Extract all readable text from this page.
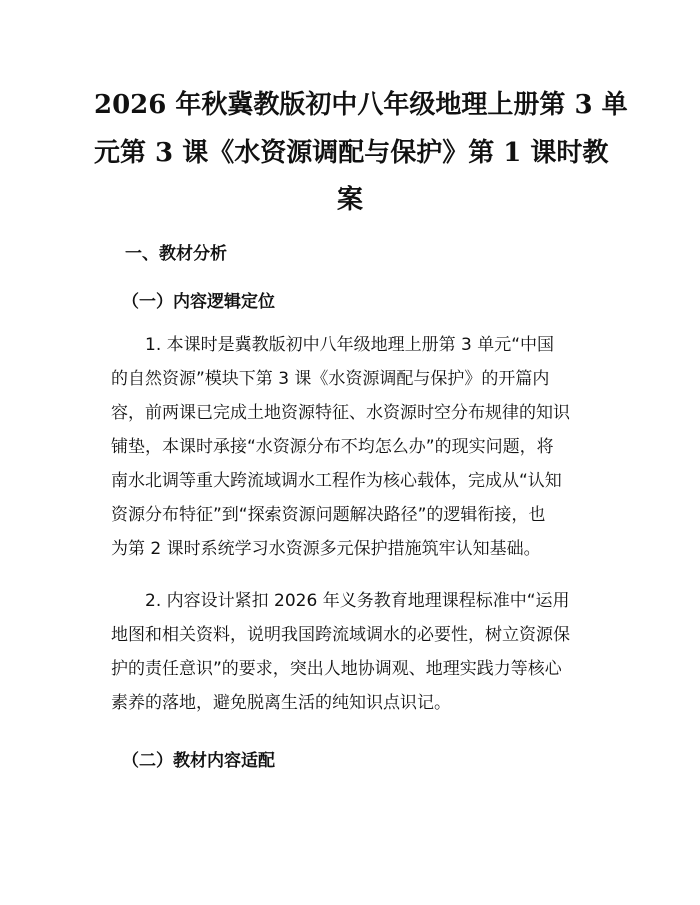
2026 年秋冀教版初中八年级地理上册第 3 单
元第 3 课《水资源调配与保护》第 1 课时教
案
一、教材分析
（一）内容逻辑定位

　　1. 本课时是冀教版初中八年级地理上册第 3 单元“中国
的自然资源”模块下第 3 课《水资源调配与保护》的开篇内
容，前两课已完成土地资源特征、水资源时空分布规律的知识
铺垫，本课时承接“水资源分布不均怎么办”的现实问题，将
南水北调等重大跨流域调水工程作为核心载体，完成从“认知
资源分布特征”到“探索资源问题解决路径”的逻辑衔接，也
为第 2 课时系统学习水资源多元保护措施筑牢认知基础。

　　2. 内容设计紧扣 2026 年义务教育地理课程标准中“运用
地图和相关资料，说明我国跨流域调水的必要性，树立资源保
护的责任意识”的要求，突出人地协调观、地理实践力等核心
素养的落地，避免脱离生活的纯知识点识记。

（二）教材内容适配
